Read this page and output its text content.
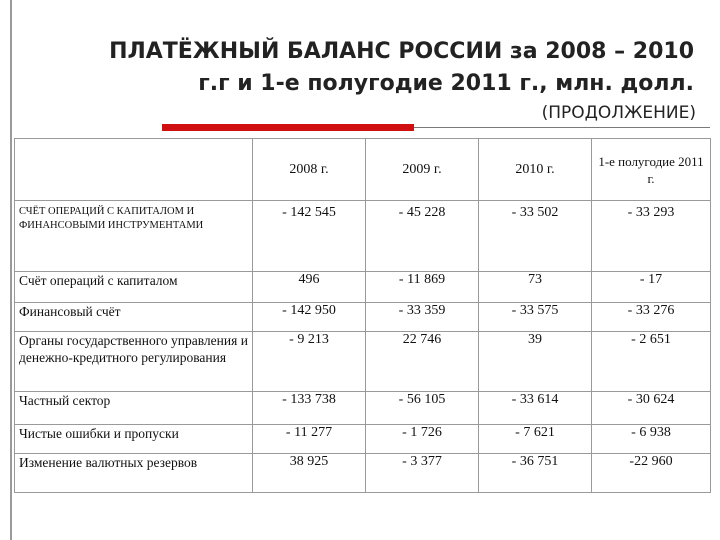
ПЛАТЁЖНЫЙ БАЛАНС РОССИИ за 2008 – 2010
г.г и 1-е полугодие 2011 г., млн. долл.
(ПРОДОЛЖЕНИЕ)
	2008 г.	2009 г.	2010 г.	1-е полугодие 2011 г.
СЧЁТ ОПЕРАЦИЙ С КАПИТАЛОМ И ФИНАНСОВЫМИ ИНСТРУМЕНТАМИ	- 142 545	- 45 228	- 33 502	- 33 293
Счёт операций с капиталом	496	- 11 869	73	- 17
Финансовый счёт	- 142 950	- 33 359	- 33 575	- 33 276
Органы государственного управления и денежно-кредитного регулирования	- 9 213	22 746	39	- 2 651
Частный сектор	- 133 738	- 56 105	- 33 614	- 30 624
Чистые ошибки и пропуски	- 11 277	- 1 726	- 7 621	- 6 938
Изменение валютных резервов	38 925	- 3 377	- 36 751	-22 960
